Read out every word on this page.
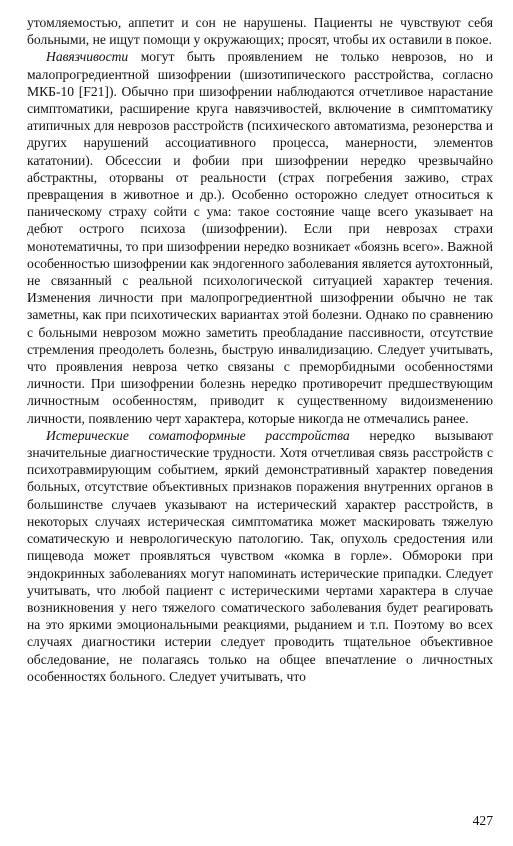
утомляемостью, аппетит и сон не нарушены. Пациенты не чувствуют себя больными, не ищут помощи у окружающих; просят, чтобы их оставили в покое.

Навязчивости могут быть проявлением не только неврозов, но и малопрогредиентной шизофрении (шизотипического расстройства, согласно МКБ-10 [F21]). Обычно при шизофрении наблюдаются отчетливое нарастание симптоматики, расширение круга навязчивостей, включение в симптоматику атипичных для неврозов расстройств (психического автоматизма, резонерства и других нарушений ассоциативного процесса, манерности, элементов кататонии). Обсессии и фобии при шизофрении нередко чрезвычайно абстрактны, оторваны от реальности (страх погребения заживо, страх превращения в животное и др.). Особенно осторожно следует относиться к паническому страху сойти с ума: такое состояние чаще всего указывает на дебют острого психоза (шизофрении). Если при неврозах страхи монотематичны, то при шизофрении нередко возникает «боязнь всего». Важной особенностью шизофрении как эндогенного заболевания является аутохтонный, не связанный с реальной психологической ситуацией характер течения. Изменения личности при малопрогредиентной шизофрении обычно не так заметны, как при психотических вариантах этой болезни. Однако по сравнению с больными неврозом можно заметить преобладание пассивности, отсутствие стремления преодолеть болезнь, быструю инвалидизацию. Следует учитывать, что проявления невроза четко связаны с преморбидными особенностями личности. При шизофрении болезнь нередко противоречит предшествующим личностным особенностям, приводит к существенному видоизменению личности, появлению черт характера, которые никогда не отмечались ранее.

Истерические соматоформные расстройства нередко вызывают значительные диагностические трудности. Хотя отчетливая связь расстройств с психотравмирующим событием, яркий демонстративный характер поведения больных, отсутствие объективных признаков поражения внутренних органов в большинстве случаев указывают на истерический характер расстройств, в некоторых случаях истерическая симптоматика может маскировать тяжелую соматическую и неврологическую патологию. Так, опухоль средостения или пищевода может проявляться чувством «комка в горле». Обмороки при эндокринных заболеваниях могут напоминать истерические припадки. Следует учитывать, что любой пациент с истерическими чертами характера в случае возникновения у него тяжелого соматического заболевания будет реагировать на это яркими эмоциональными реакциями, рыданием и т.п. Поэтому во всех случаях диагностики истерии следует проводить тщательное объективное обследование, не полагаясь только на общее впечатление о личностных особенностях больного. Следует учитывать, что

427
